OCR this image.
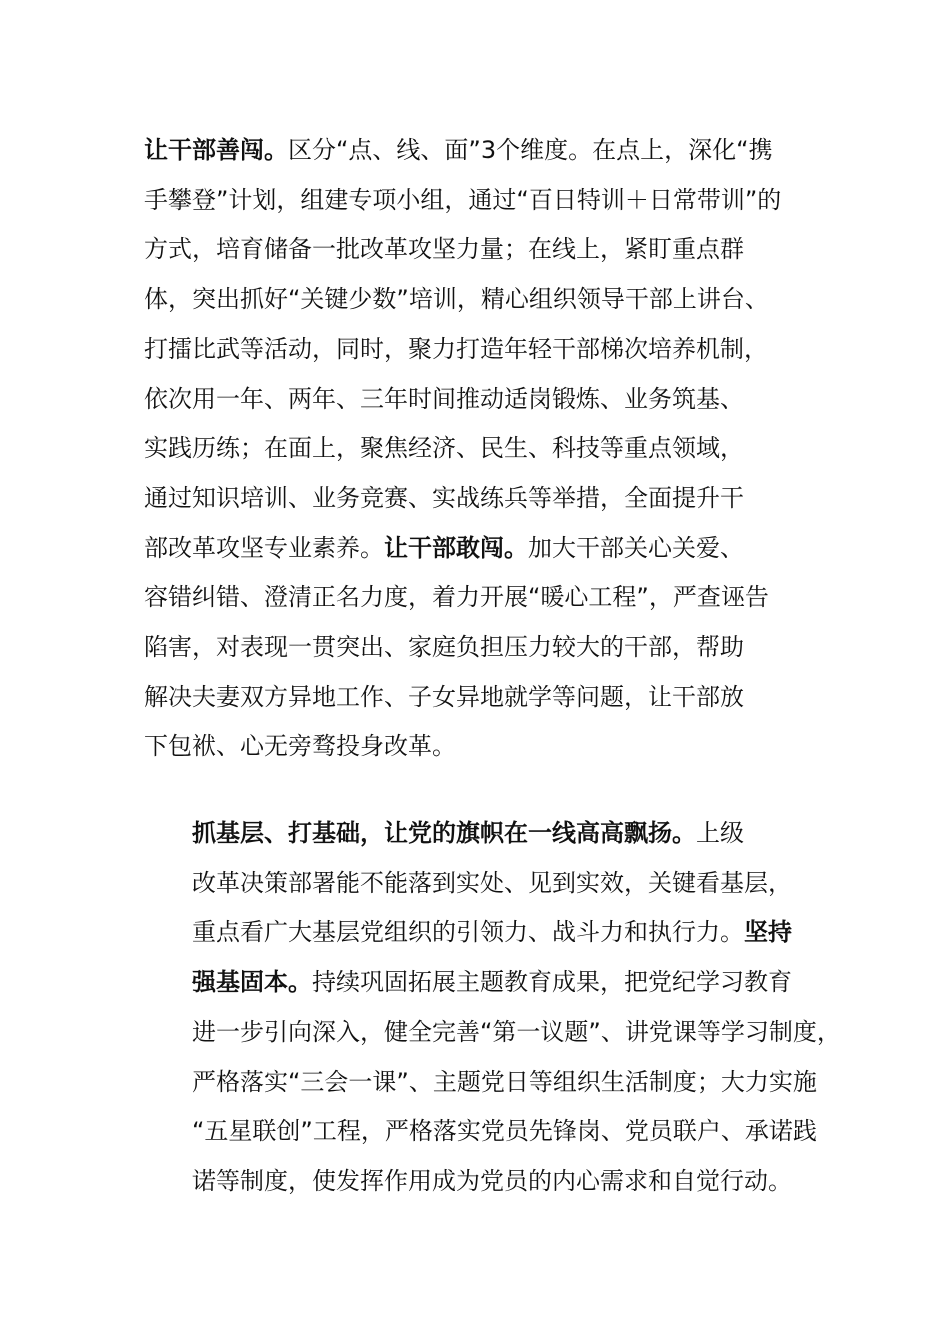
让干部善闯。区分“点、线、面”3个维度。在点上，深化“携
手攀登”计划，组建专项小组，通过“百日特训＋日常带训”的
方式，培育储备一批改革攻坚力量；在线上，紧盯重点群
体，突出抓好“关键少数”培训，精心组织领导干部上讲台、
打擂比武等活动，同时，聚力打造年轻干部梯次培养机制，
依次用一年、两年、三年时间推动适岗锻炼、业务筑基、
实践历练；在面上，聚焦经济、民生、科技等重点领域，
通过知识培训、业务竞赛、实战练兵等举措，全面提升干
部改革攻坚专业素养。让干部敢闯。加大干部关心关爱、
容错纠错、澄清正名力度，着力开展“暖心工程”，严查诬告
陷害，对表现一贯突出、家庭负担压力较大的干部，帮助
解决夫妻双方异地工作、子女异地就学等问题，让干部放
下包袱、心无旁骛投身改革。

抓基层、打基础，让党的旗帜在一线高高飘扬。上级
改革决策部署能不能落到实处、见到实效，关键看基层，
重点看广大基层党组织的引领力、战斗力和执行力。坚持
强基固本。持续巩固拓展主题教育成果，把党纪学习教育
进一步引向深入，健全完善“第一议题”、讲党课等学习制度，
严格落实“三会一课”、主题党日等组织生活制度；大力实施
“五星联创”工程，严格落实党员先锋岗、党员联户、承诺践
诺等制度，使发挥作用成为党员的内心需求和自觉行动。
